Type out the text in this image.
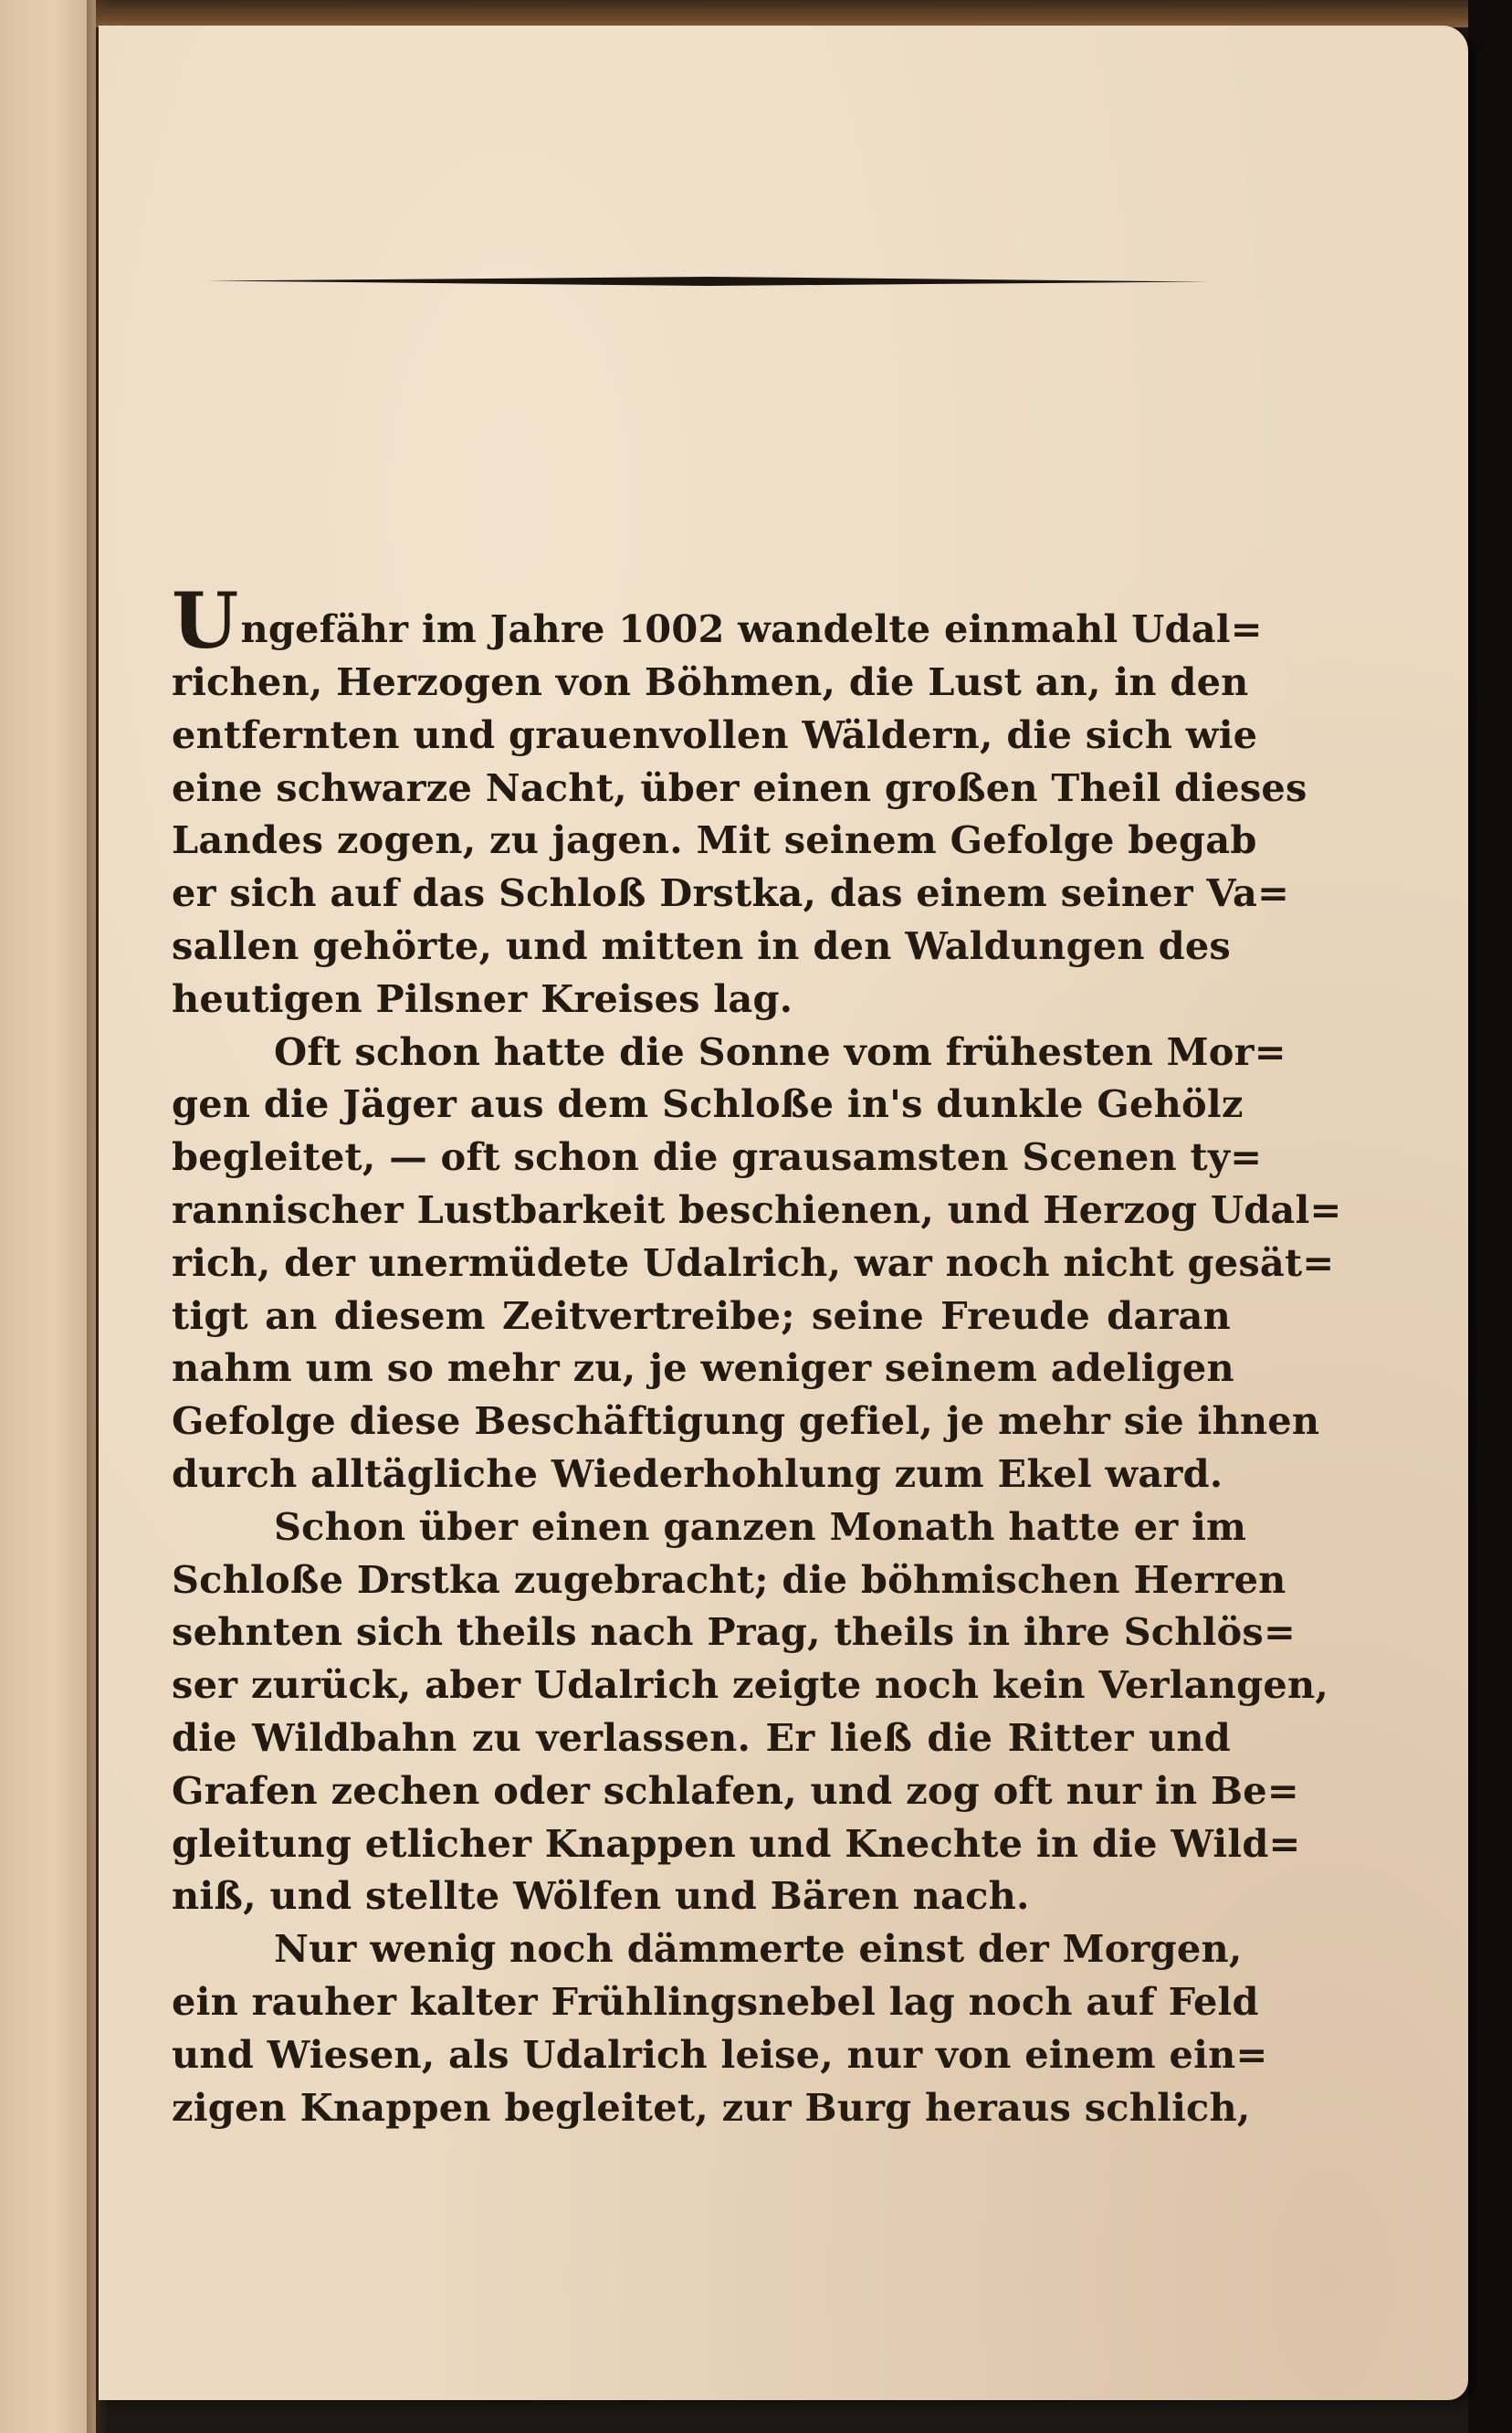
Ungefähr im Jahre 1002 wandelte einmahl Udal=
richen, Herzogen von Böhmen, die Lust an, in den
entfernten und grauenvollen Wäldern, die sich wie
eine schwarze Nacht, über einen großen Theil dieses
Landes zogen, zu jagen. Mit seinem Gefolge begab
er sich auf das Schloß Drstka, das einem seiner Va=
sallen gehörte, und mitten in den Waldungen des
heutigen Pilsner Kreises lag.
Oft schon hatte die Sonne vom frühesten Mor=
gen die Jäger aus dem Schloße in's dunkle Gehölz
begleitet, — oft schon die grausamsten Scenen ty=
rannischer Lustbarkeit beschienen, und Herzog Udal=
rich, der unermüdete Udalrich, war noch nicht gesät=
tigt an diesem Zeitvertreibe; seine Freude daran
nahm um so mehr zu, je weniger seinem adeligen
Gefolge diese Beschäftigung gefiel, je mehr sie ihnen
durch alltägliche Wiederhohlung zum Ekel ward.
Schon über einen ganzen Monath hatte er im
Schloße Drstka zugebracht; die böhmischen Herren
sehnten sich theils nach Prag, theils in ihre Schlös=
ser zurück, aber Udalrich zeigte noch kein Verlangen,
die Wildbahn zu verlassen. Er ließ die Ritter und
Grafen zechen oder schlafen, und zog oft nur in Be=
gleitung etlicher Knappen und Knechte in die Wild=
niß, und stellte Wölfen und Bären nach.
Nur wenig noch dämmerte einst der Morgen,
ein rauher kalter Frühlingsnebel lag noch auf Feld
und Wiesen, als Udalrich leise, nur von einem ein=
zigen Knappen begleitet, zur Burg heraus schlich,
